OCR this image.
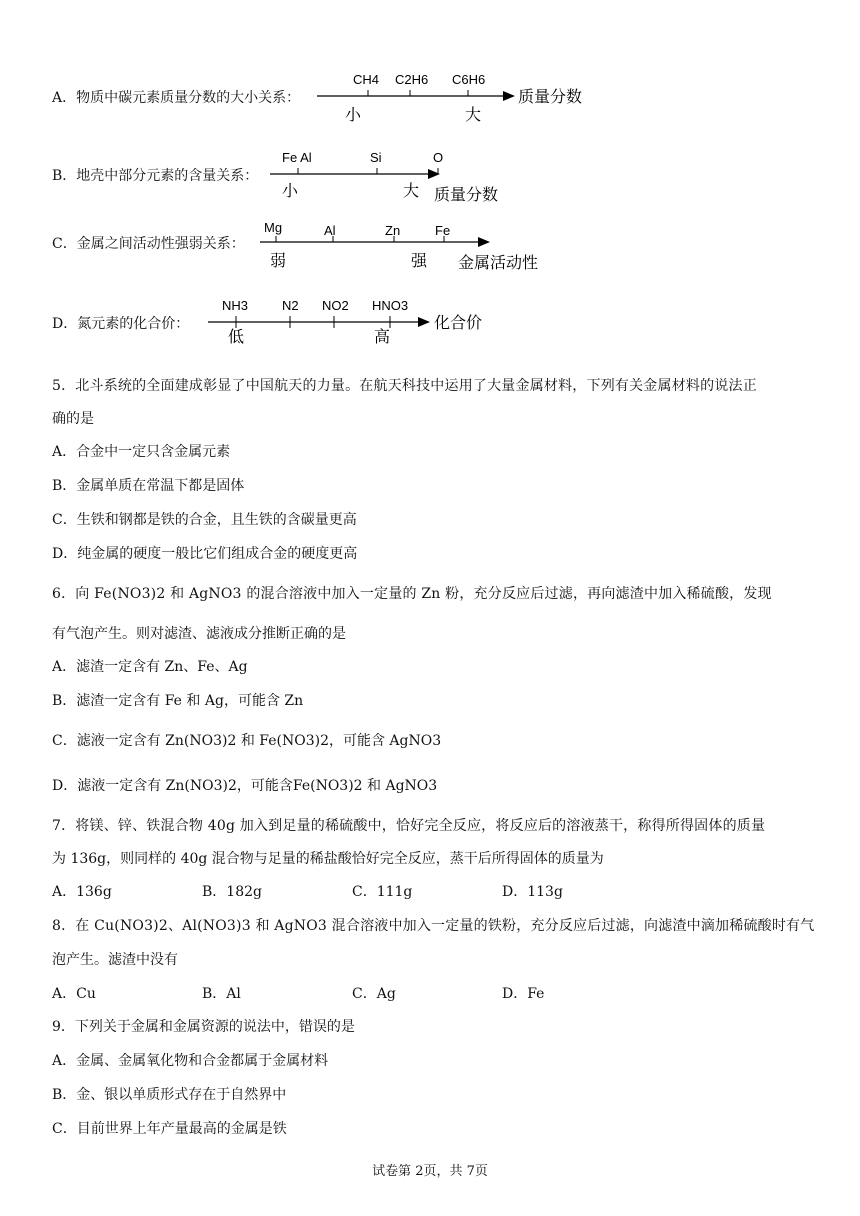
A．物质中碳元素质量分数的大小关系：
CH4 C2H6 C6H6
小	大
质量分数
B．地壳中部分元素的含量关系：
Fe Al	Si	O
小	大 质量分数
C．金属之间活动性强弱关系：
Mg	Al	Zn	Fe
弱	强 金属活动性
D．氮元素的化合价：
NH3	N2 NO2 HNO3
低	高
化合价
5．北斗系统的全面建成彰显了中国航天的力量。在航天科技中运用了大量金属材料，下列有关金属材料的说法正
确的是
A．合金中一定只含金属元素
B．金属单质在常温下都是固体
C．生铁和钢都是铁的合金，且生铁的含碳量更高
D．纯金属的硬度一般比它们组成合金的硬度更高
6．向 Fe(NO3)2 和 AgNO3 的混合溶液中加入一定量的 Zn 粉，充分反应后过滤，再向滤渣中加入稀硫酸，发现
有气泡产生。则对滤渣、滤液成分推断正确的是
A．滤渣一定含有 Zn、Fe、Ag
B．滤渣一定含有 Fe 和 Ag，可能含 Zn
C．滤液一定含有 Zn(NO3)2 和 Fe(NO3)2，可能含 AgNO3
D．滤液一定含有 Zn(NO3)2，可能含Fe(NO3)2 和 AgNO3
7．将镁、锌、铁混合物 40g 加入到足量的稀硫酸中，恰好完全反应，将反应后的溶液蒸干，称得所得固体的质量
为 136g，则同样的 40g 混合物与足量的稀盐酸恰好完全反应，蒸干后所得固体的质量为
A．136g	B．182g	C．111g	D．113g
8．在 Cu(NO3)2、Al(NO3)3 和 AgNO3 混合溶液中加入一定量的铁粉，充分反应后过滤，向滤渣中滴加稀硫酸时有气
泡产生。滤渣中没有
A．Cu	B．Al	C．Ag	D．Fe
9．下列关于金属和金属资源的说法中，错误的是
A．金属、金属氧化物和合金都属于金属材料
B．金、银以单质形式存在于自然界中
C．目前世界上年产量最高的金属是铁
试卷第 2页，共 7页
